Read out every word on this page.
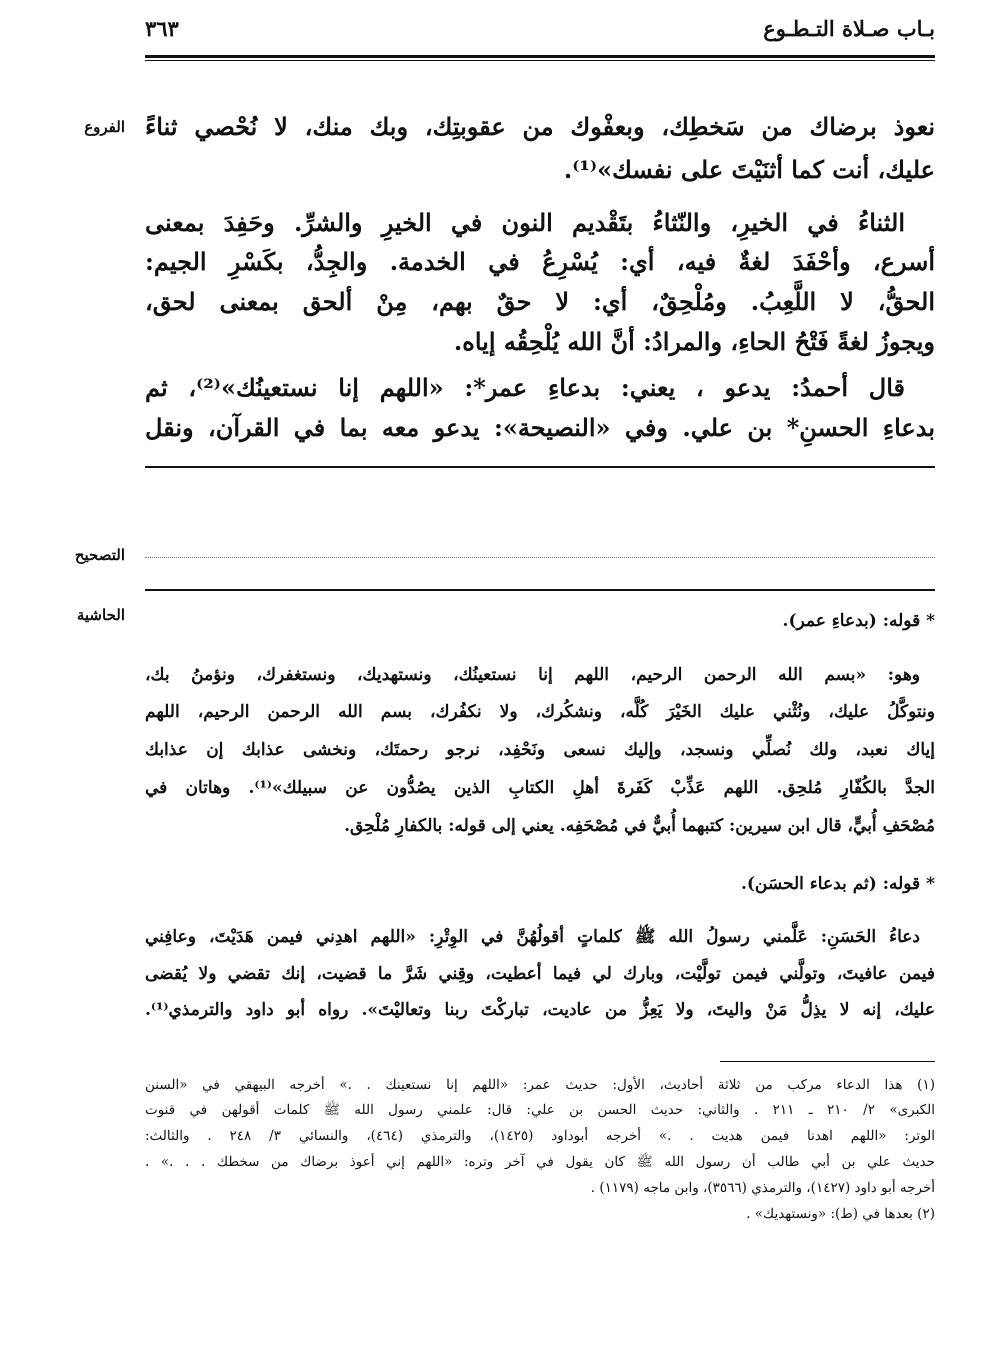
بـاب صـلاة التـطـوع
٣٦٣
الفروع
التصحيح
الحاشية
نعوذ برضاك من سَخطِك، وبعفْوك من عقوبتِك، وبك منك، لا نُحْصي ثناءً
عليك، أنت كما أثنَيْتَ على نفسك»⁽¹⁾.
الثناءُ في الخيرِ، والنّثاءُ بتَقْديم النون في الخيرِ والشرِّ. وحَفِدَ بمعنى
أسرع، وأحْفَدَ لغةٌ فيه، أي: يُسْرِعُ في الخدمة. والجِدُّ، بكَسْرِ الجيم:
الحقُّ، لا اللَّعِبُ. ومُلْحِقٌ، أي: لا حقٌ بهم، مِنْ ألحق بمعنى لحق،
ويجوزُ لغةً فَتْحُ الحاءِ، والمرادُ: أنَّ الله يُلْحِقُه إياه.
قال أحمدُ: يدعو ، يعني: بدعاءِ عمر*: «اللهم إنا نستعينُك»⁽²⁾، ثم
بدعاءِ الحسنِ* بن علي. وفي «النصيحة»: يدعو معه بما في القرآن، ونقل
* قوله: (بدعاءِ عمر).
وهو: «بسم الله الرحمن الرحيم، اللهم إنا نستعينُك، ونستهديك، ونستغفرك، ونؤمنُ بك،
ونتوكَّلُ عليك، ونُثْني عليك الخَيْرَ كُلَّه، ونشكُرك، ولا نكفُرك، بسم الله الرحمن الرحيم، اللهم
إياك نعبد، ولك نُصلِّي ونسجد، وإليك نسعى ونَحْفِد، نرجو رحمتَك، ونخشى عذابك إن عذابك
الجدَّ بالكُفّارِ مُلحِق. اللهم عَذِّبْ كَفَرةَ أهلِ الكتابِ الذين يصُدُّون عن سبيلك»⁽¹⁾. وهاتان في
مُصْحَفِ أُبيٍّ، قال ابن سيرين: كتبهما أُبيٌّ في مُصْحَفِه. يعني إلى قوله: بالكفارِ مُلْحِق.
* قوله: (ثم بدعاء الحسَن).
دعاءُ الحَسَنِ: عَلَّمني رسولُ الله ﷺ كلماتٍ أقولُهُنَّ في الوِتْرِ: «اللهم اهدِني فيمن هَدَيْتَ، وعافِني
فيمن عافيتَ، وتولَّني فيمن تولَّيْت، وبارك لي فيما أعطيت، وقِني شَرَّ ما قضيت، إنك تقضي ولا يُقضى
عليك، إنه لا يذِلُّ مَنْ واليتَ، ولا يَعِزُّ من عاديت، تباركْتَ ربنا وتعاليْتَ». رواه أبو داود والترمذي⁽¹⁾.
(١) هذا الدعاء مركب من ثلاثة أحاديث، الأول: حديث عمر: «اللهم إنا نستعينك . .» أخرجه البيهقي في «السنن
الكبرى» ٢/ ٢١٠ ـ ٢١١ . والثاني: حديث الحسن بن علي: قال: علمني رسول الله ﷺ كلمات أقولهن في قنوت
الوتر: «اللهم اهدنا فيمن هديت . .» أخرجه أبوداود (١٤٢٥)، والترمذي (٤٦٤)، والنسائي ٣/ ٢٤٨ . والثالث:
حديث علي بن أبي طالب أن رسول الله ﷺ كان يقول في آخر وتره: «اللهم إني أعوذ برضاك من سخطك . . .» .
أخرجه أبو داود (١٤٢٧)، والترمذي (٣٥٦٦)، وابن ماجه (١١٧٩) .
(٢) بعدها في (ط): «ونستهديك» .
